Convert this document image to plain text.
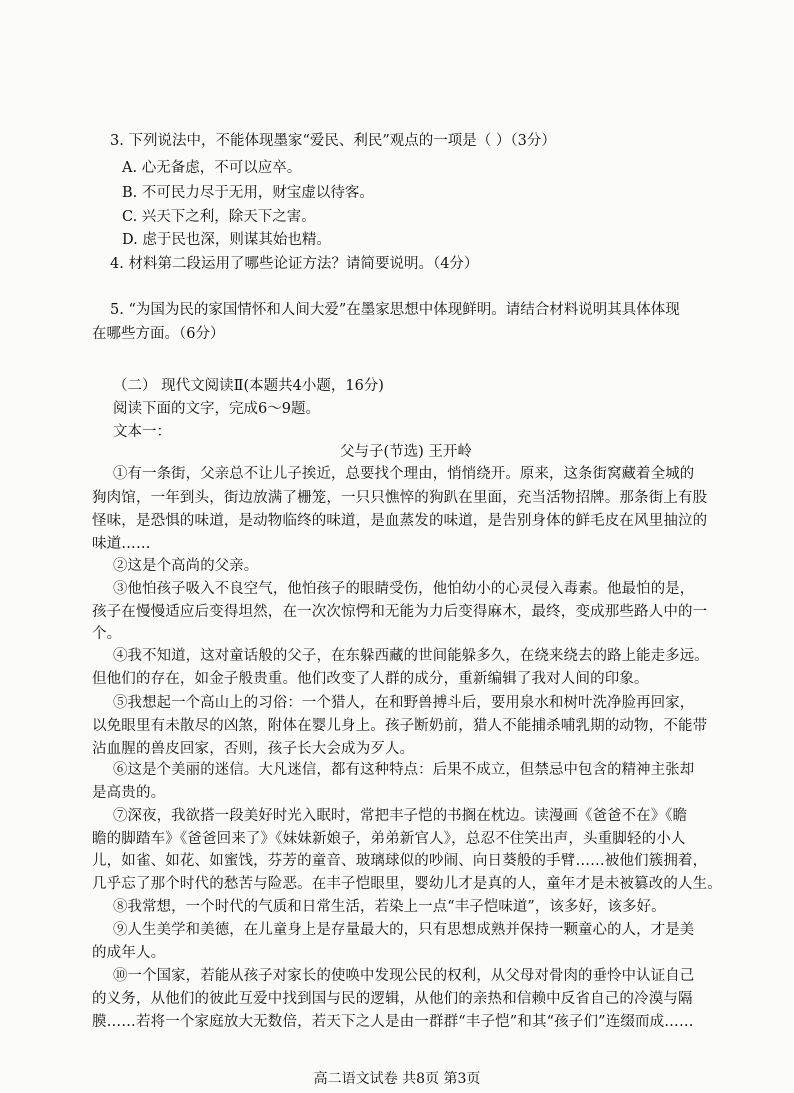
3. 下列说法中，不能体现墨家“爱民、利民”观点的一项是（ ）（3分）
A. 心无备虑，不可以应卒。
B. 不可民力尽于无用，财宝虚以待客。
C. 兴天下之利，除天下之害。
D. 虑于民也深，则谋其始也精。
4. 材料第二段运用了哪些论证方法？请简要说明。（4分）
5. “为国为民的家国情怀和人间大爱”在墨家思想中体现鲜明。请结合材料说明其具体体现
在哪些方面。（6分）
（二） 现代文阅读Ⅱ(本题共4小题，16分)
阅读下面的文字，完成6～9题。
文本一：
父与子(节选) 王开岭
①有一条街，父亲总不让儿子挨近，总要找个理由，悄悄绕开。原来，这条街窝藏着全城的
狗肉馆，一年到头，街边放满了栅笼，一只只憔悴的狗趴在里面，充当活物招牌。那条街上有股
怪味，是恐惧的味道，是动物临终的味道，是血蒸发的味道，是告别身体的鲜毛皮在风里抽泣的
味道……
②这是个高尚的父亲。
③他怕孩子吸入不良空气，他怕孩子的眼睛受伤，他怕幼小的心灵侵入毒素。他最怕的是，
孩子在慢慢适应后变得坦然，在一次次惊愕和无能为力后变得麻木，最终，变成那些路人中的一
个。
④我不知道，这对童话般的父子，在东躲西藏的世间能躲多久，在绕来绕去的路上能走多远。
但他们的存在，如金子般贵重。他们改变了人群的成分，重新编辑了我对人间的印象。
⑤我想起一个高山上的习俗：一个猎人，在和野兽搏斗后，要用泉水和树叶洗净脸再回家，
以免眼里有未散尽的凶煞，附体在婴儿身上。孩子断奶前，猎人不能捕杀哺乳期的动物，不能带
沾血腥的兽皮回家，否则，孩子长大会成为歹人。
⑥这是个美丽的迷信。大凡迷信，都有这种特点：后果不成立，但禁忌中包含的精神主张却
是高贵的。
⑦深夜，我欲搭一段美好时光入眠时，常把丰子恺的书搁在枕边。读漫画《爸爸不在》《瞻
瞻的脚踏车》《爸爸回来了》《妹妹新娘子，弟弟新官人》，总忍不住笑出声，头重脚轻的小人
儿，如雀、如花、如蜜饯，芬芳的童音、玻璃球似的吵闹、向日葵般的手臂……被他们簇拥着，
几乎忘了那个时代的愁苦与险恶。在丰子恺眼里，婴幼儿才是真的人，童年才是未被篡改的人生。
⑧我常想，一个时代的气质和日常生活，若染上一点“丰子恺味道”，该多好，该多好。
⑨人生美学和美德，在儿童身上是存量最大的，只有思想成熟并保持一颗童心的人，才是美
的成年人。
⑩一个国家，若能从孩子对家长的使唤中发现公民的权利，从父母对骨肉的垂怜中认证自己
的义务，从他们的彼此互爱中找到国与民的逻辑，从他们的亲热和信赖中反省自己的冷漠与隔
膜……若将一个家庭放大无数倍，若天下之人是由一群群“丰子恺”和其“孩子们”连缀而成……
高二语文试卷 共8页 第3页
